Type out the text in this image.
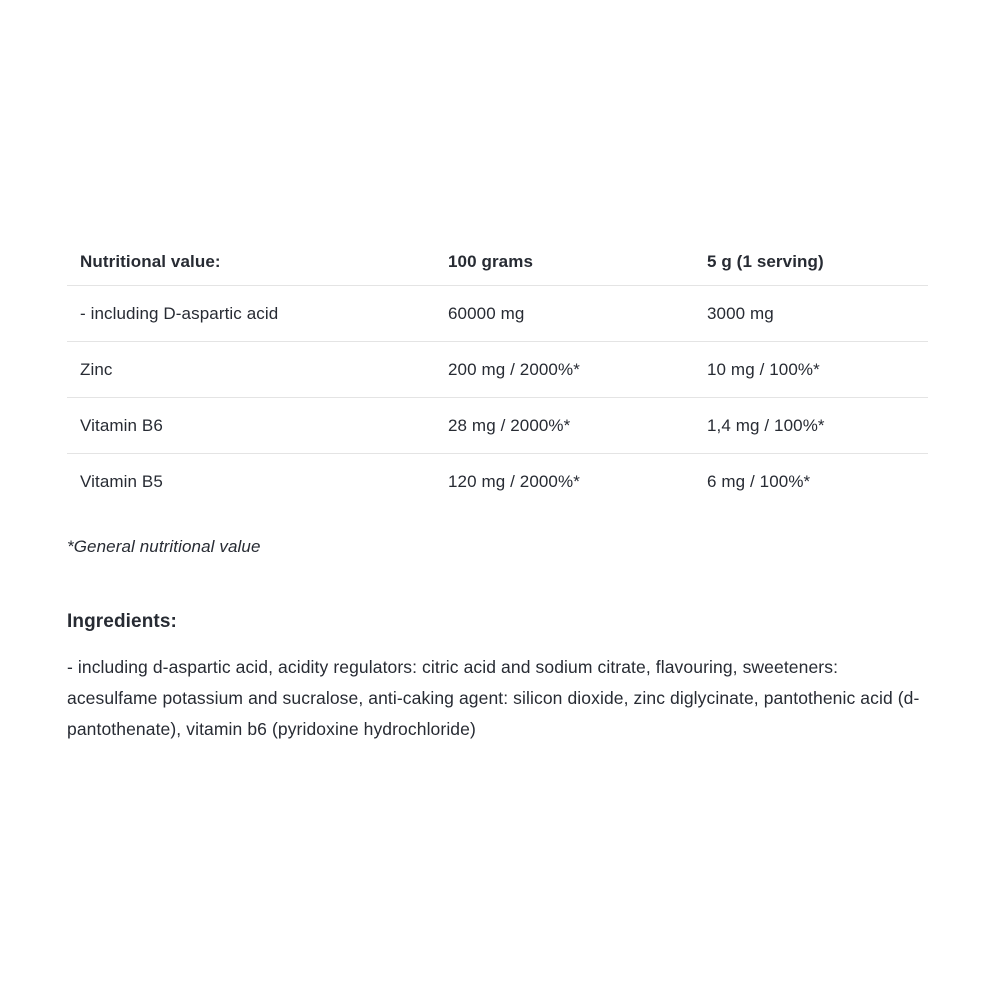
Nutritional value:	100 grams	5 g (1 serving)
- including D-aspartic acid	60000 mg	3000 mg
Zinc	200 mg / 2000%*	10 mg / 100%*
Vitamin B6	28 mg / 2000%*	1,4 mg / 100%*
Vitamin B5	120 mg / 2000%*	6 mg / 100%*
*General nutritional value
Ingredients:
- including d-aspartic acid, acidity regulators: citric acid and sodium citrate, flavouring, sweeteners: acesulfame potassium and sucralose, anti-caking agent: silicon dioxide, zinc diglycinate, pantothenic acid (d-pantothenate), vitamin b6 (pyridoxine hydrochloride)
